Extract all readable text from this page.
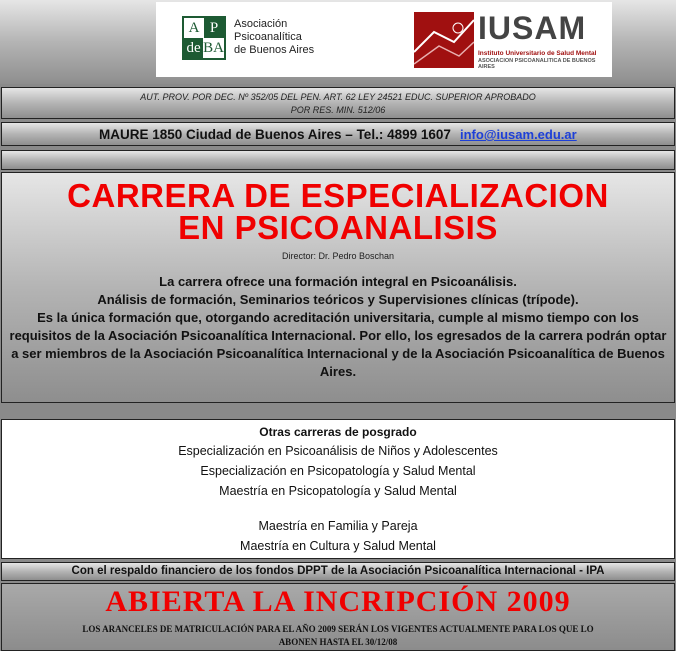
A P
de BA
Asociación
Psicoanalítica
de Buenos Aires
IUSAM
Instituto Universitario de Salud Mental
ASOCIACION PSICOANALITICA DE BUENOS AIRES
AUT. PROV. POR DEC. Nº 352/05 DEL PEN. ART. 62 LEY 24521 EDUC. SUPERIOR APROBADO
POR RES. MIN. 512/06
MAURE 1850 Ciudad de Buenos Aires – Tel.: 4899 1607 info@iusam.edu.ar
CARRERA DE ESPECIALIZACION
EN PSICOANALISIS
Director: Dr. Pedro Boschan
La carrera ofrece una formación integral en Psicoanálisis.
Análisis de formación, Seminarios teóricos y Supervisiones clínicas (trípode).
Es la única formación que, otorgando acreditación universitaria, cumple al mismo tiempo con los
requisitos de la Asociación Psicoanalítica Internacional. Por ello, los egresados de la carrera podrán optar
a ser miembros de la Asociación Psicoanalítica Internacional y de la Asociación Psicoanalítica de Buenos
Aires.
Otras carreras de posgrado
Especialización en Psicoanálisis de Niños y Adolescentes
Especialización en Psicopatología y Salud Mental
Maestría en Psicopatología y Salud Mental
Maestría en Familia y Pareja
Maestría en Cultura y Salud Mental
Con el respaldo financiero de los fondos DPPT de la Asociación Psicoanalítica Internacional - IPA
ABIERTA LA INCRIPCIÓN 2009
LOS ARANCELES DE MATRICULACIÓN PARA EL AÑO 2009 SERÁN LOS VIGENTES ACTUALMENTE PARA LOS QUE LO
ABONEN HASTA EL 30/12/08
